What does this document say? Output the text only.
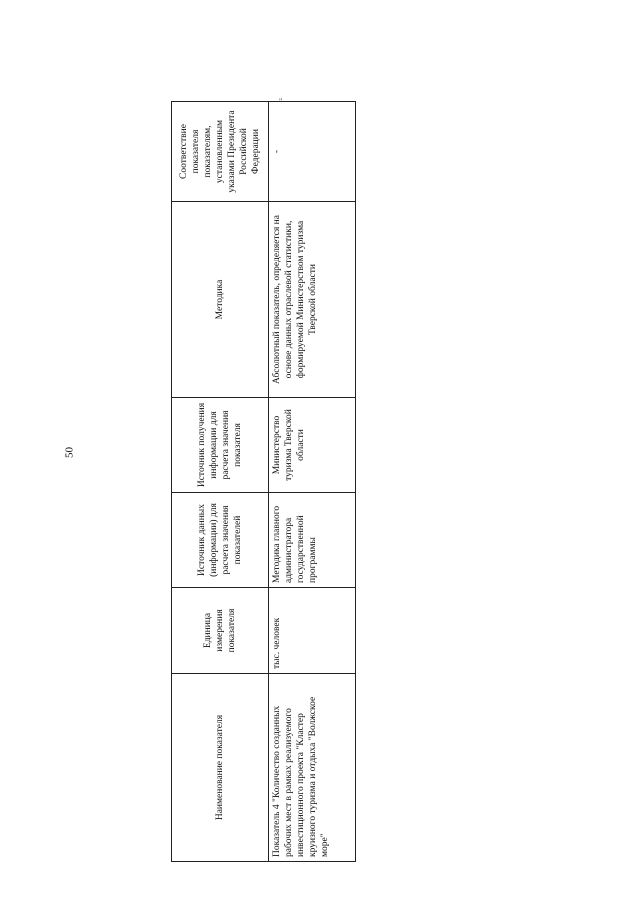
50
"
Наименование показателя	Единица измерения показателя	Источник данных (информации) для расчета значения показателей	Источник получения информации для расчета значения показателя	Методика	Соответствие показателя показателям, установленным указами Президента Российской Федерации
Показатель 4 "Количество созданных рабочих мест в рамках реализуемого инвестиционного проекта "Кластер круизного туризма и отдыха "Волжское море"	тыс. человек	Методика главного администратора государственной программы	Министерство туризма Тверской области	Абсолютный показатель, определяется на основе данных отраслевой статистики, формируемой Министерством туризма Тверской области	-
